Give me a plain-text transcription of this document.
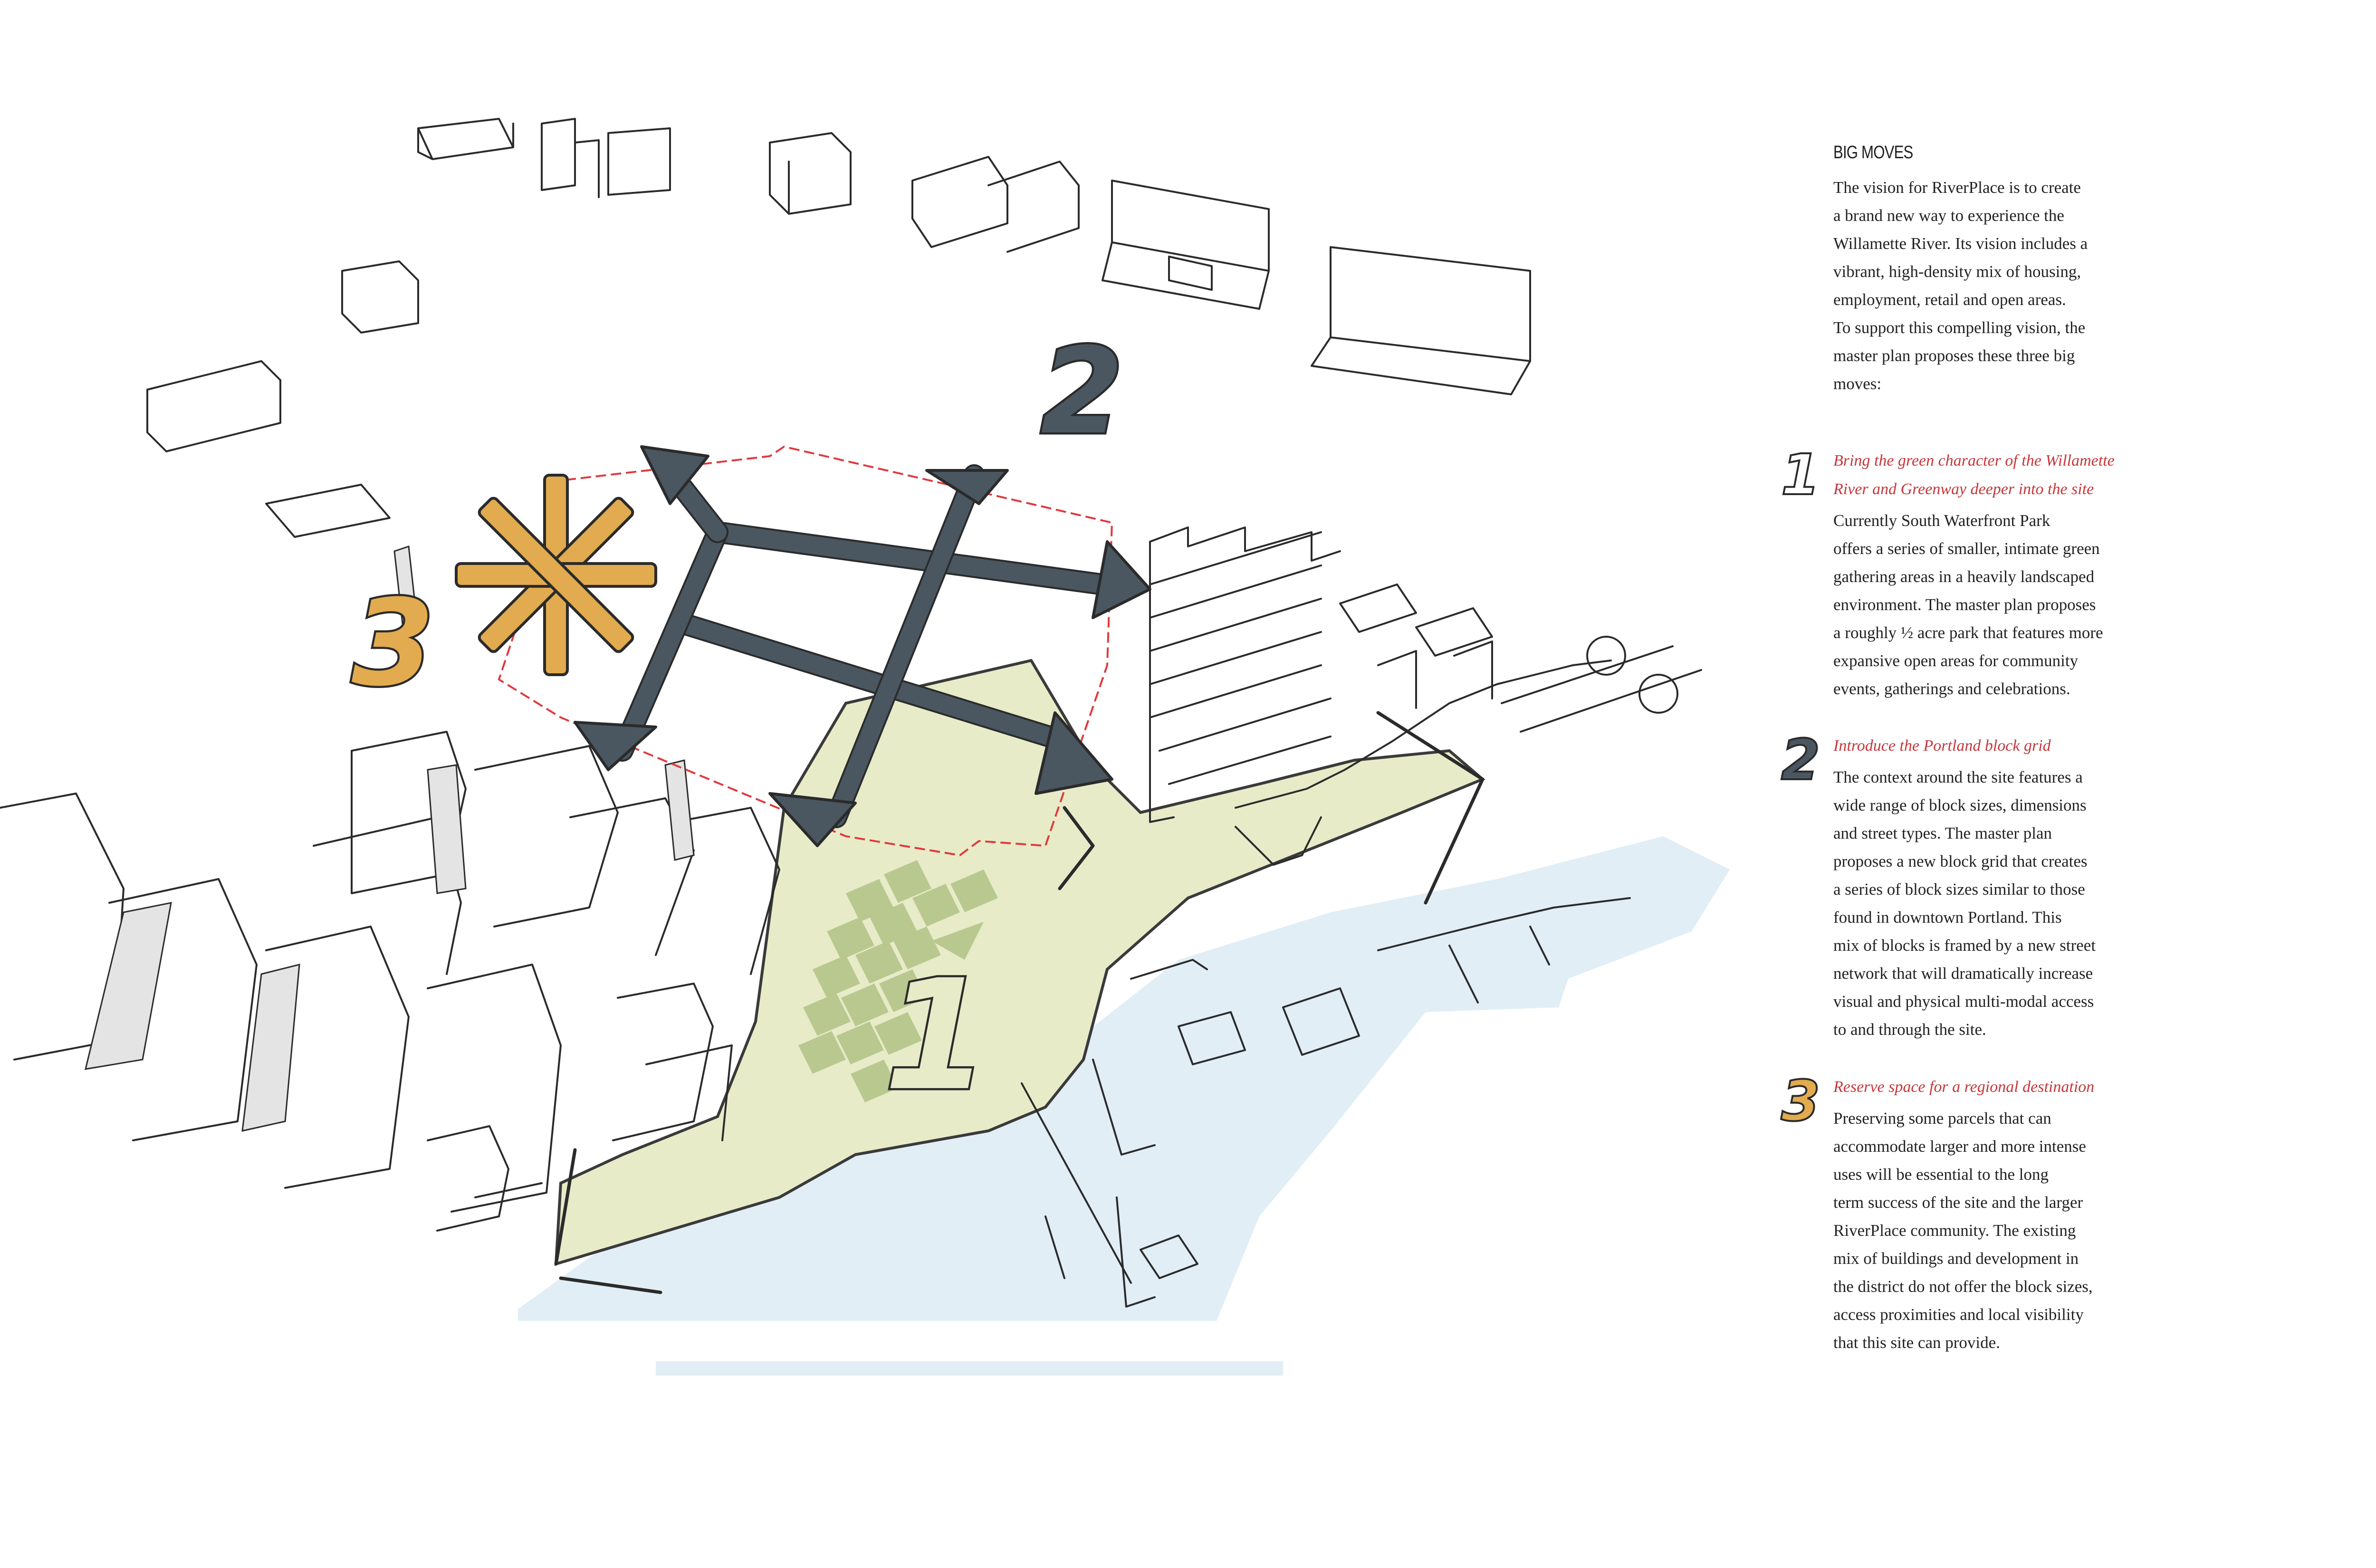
1
2
3
BIG MOVES

The vision for RiverPlace is to create
a brand new way to experience the
Willamette River. Its vision includes a
vibrant, high-density mix of housing,
employment, retail and open areas.
To support this compelling vision, the
master plan proposes these three big
moves:

1 Bring the green character of the Willamette
River and Greenway deeper into the site

Currently South Waterfront Park
offers a series of smaller, intimate green
gathering areas in a heavily landscaped
environment. The master plan proposes
a roughly ½ acre park that features more
expansive open areas for community
events, gatherings and celebrations.

2 Introduce the Portland block grid

The context around the site features a
wide range of block sizes, dimensions
and street types. The master plan
proposes a new block grid that creates
a series of block sizes similar to those
found in downtown Portland. This
mix of blocks is framed by a new street
network that will dramatically increase
visual and physical multi-modal access
to and through the site.

3 Reserve space for a regional destination

Preserving some parcels that can
accommodate larger and more intense
uses will be essential to the long
term success of the site and the larger
RiverPlace community. The existing
mix of buildings and development in
the district do not offer the block sizes,
access proximities and local visibility
that this site can provide.
